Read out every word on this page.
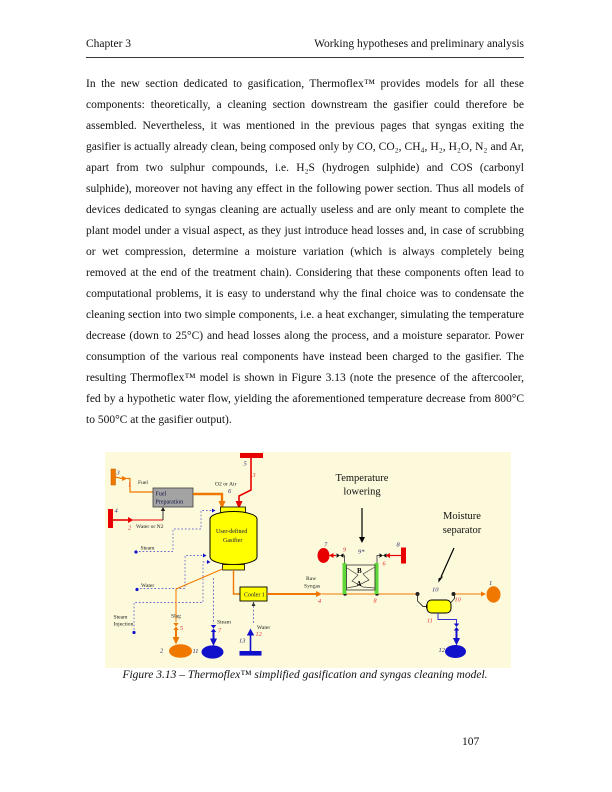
Chapter 3	Working hypotheses and preliminary analysis
In the new section dedicated to gasification, Thermoflex™ provides models for all these components: theoretically, a cleaning section downstream the gasifier could therefore be assembled. Nevertheless, it was mentioned in the previous pages that syngas exiting the gasifier is actually already clean, being composed only by CO, CO₂, CH₄, H₂, H₂O, N₂ and Ar, apart from two sulphur compounds, i.e. H₂S (hydrogen sulphide) and COS (carbonyl sulphide), moreover not having any effect in the following power section. Thus all models of devices dedicated to syngas cleaning are actually useless and are only meant to complete the plant model under a visual aspect, as they just introduce head losses and, in case of scrubbing or wet compression, determine a moisture variation (which is always completely being removed at the end of the treatment chain). Considering that these components often lead to computational problems, it is easy to understand why the final choice was to condensate the cleaning section into two simple components, i.e. a heat exchanger, simulating the temperature decrease (down to 25°C) and head losses along the process, and a moisture separator. Power consumption of the various real components have instead been charged to the gasifier. The resulting Thermoflex™ model is shown in Figure 3.13 (note the presence of the aftercooler, fed by a hypothetic water flow, yielding the aforementioned temperature decrease from 800°C to 500°C at the gasifier output).
3
1 Fuel
Fuel
Preparation
5
3
O2 or Air
6
4
2 Water or N2
User-defined
Gasifier
Steam
Water
Steam
Injection
Slag
5
2
Steam
7
11
Cooler 1
Water
12
13
Raw
Syngas
4
B
A
9*
8
9
7	8
6
10
10
1
11
12
Temperature
lowering
Moisture
separator
Figure 3.13 – Thermoflex™ simplified gasification and syngas cleaning model.
107
